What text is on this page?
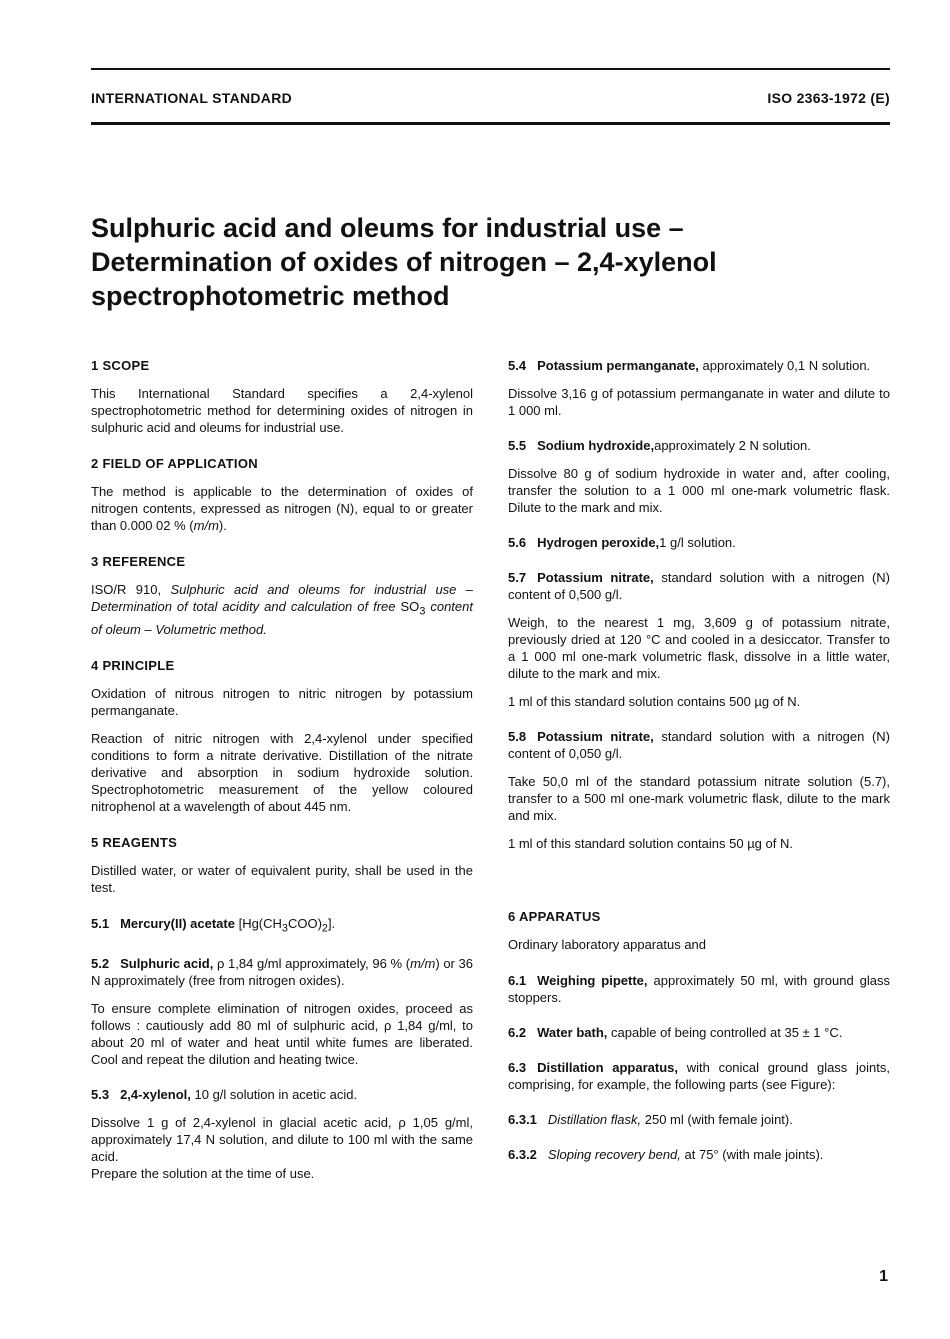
INTERNATIONAL STANDARD	ISO 2363-1972 (E)
Sulphuric acid and oleums for industrial use –
Determination of oxides of nitrogen – 2,4-xylenol
spectrophotometric method
1 SCOPE

This International Standard specifies a 2,4-xylenol spectrophotometric method for determining oxides of nitrogen in sulphuric acid and oleums for industrial use.

2 FIELD OF APPLICATION

The method is applicable to the determination of oxides of nitrogen contents, expressed as nitrogen (N), equal to or greater than 0.000 02 % (m/m).

3 REFERENCE

ISO/R 910, Sulphuric acid and oleums for industrial use – Determination of total acidity and calculation of free $SO_3$ content of oleum – Volumetric method.

4 PRINCIPLE

Oxidation of nitrous nitrogen to nitric nitrogen by potassium permanganate.

Reaction of nitric nitrogen with 2,4-xylenol under specified conditions to form a nitrate derivative. Distillation of the nitrate derivative and absorption in sodium hydroxide solution. Spectrophotometric measurement of the yellow coloured nitrophenol at a wavelength of about 445 nm.

5 REAGENTS

Distilled water, or water of equivalent purity, shall be used in the test.

5.1 Mercury(II) acetate $[Hg(CH_3COO)_2]$.

5.2 Sulphuric acid, ρ 1,84 g/ml approximately, 96 % (m/m) or 36 N approximately (free from nitrogen oxides).

To ensure complete elimination of nitrogen oxides, proceed as follows : cautiously add 80 ml of sulphuric acid, ρ 1,84 g/ml, to about 20 ml of water and heat until white fumes are liberated. Cool and repeat the dilution and heating twice.

5.3 2,4-xylenol, 10 g/l solution in acetic acid.

Dissolve 1 g of 2,4-xylenol in glacial acetic acid, ρ 1,05 g/ml, approximately 17,4 N solution, and dilute to 100 ml with the same acid.

Prepare the solution at the time of use.

5.4 Potassium permanganate, approximately 0,1 N solution.

Dissolve 3,16 g of potassium permanganate in water and dilute to 1 000 ml.

5.5 Sodium hydroxide,approximately 2 N solution.

Dissolve 80 g of sodium hydroxide in water and, after cooling, transfer the solution to a 1 000 ml one-mark volumetric flask. Dilute to the mark and mix.

5.6 Hydrogen peroxide,1 g/l solution.

5.7 Potassium nitrate, standard solution with a nitrogen (N) content of 0,500 g/l.

Weigh, to the nearest 1 mg, 3,609 g of potassium nitrate, previously dried at 120 °C and cooled in a desiccator. Transfer to a 1 000 ml one-mark volumetric flask, dissolve in a little water, dilute to the mark and mix.

1 ml of this standard solution contains 500 µg of N.

5.8 Potassium nitrate, standard solution with a nitrogen (N) content of 0,050 g/l.

Take 50,0 ml of the standard potassium nitrate solution (5.7), transfer to a 500 ml one-mark volumetric flask, dilute to the mark and mix.

1 ml of this standard solution contains 50 µg of N.

6 APPARATUS

Ordinary laboratory apparatus and

6.1 Weighing pipette, approximately 50 ml, with ground glass stoppers.

6.2 Water bath, capable of being controlled at 35 ± 1 °C.

6.3 Distillation apparatus, with conical ground glass joints, comprising, for example, the following parts (see Figure):

6.3.1 Distillation flask, 250 ml (with female joint).

6.3.2 Sloping recovery bend, at 75° (with male joints).

1
